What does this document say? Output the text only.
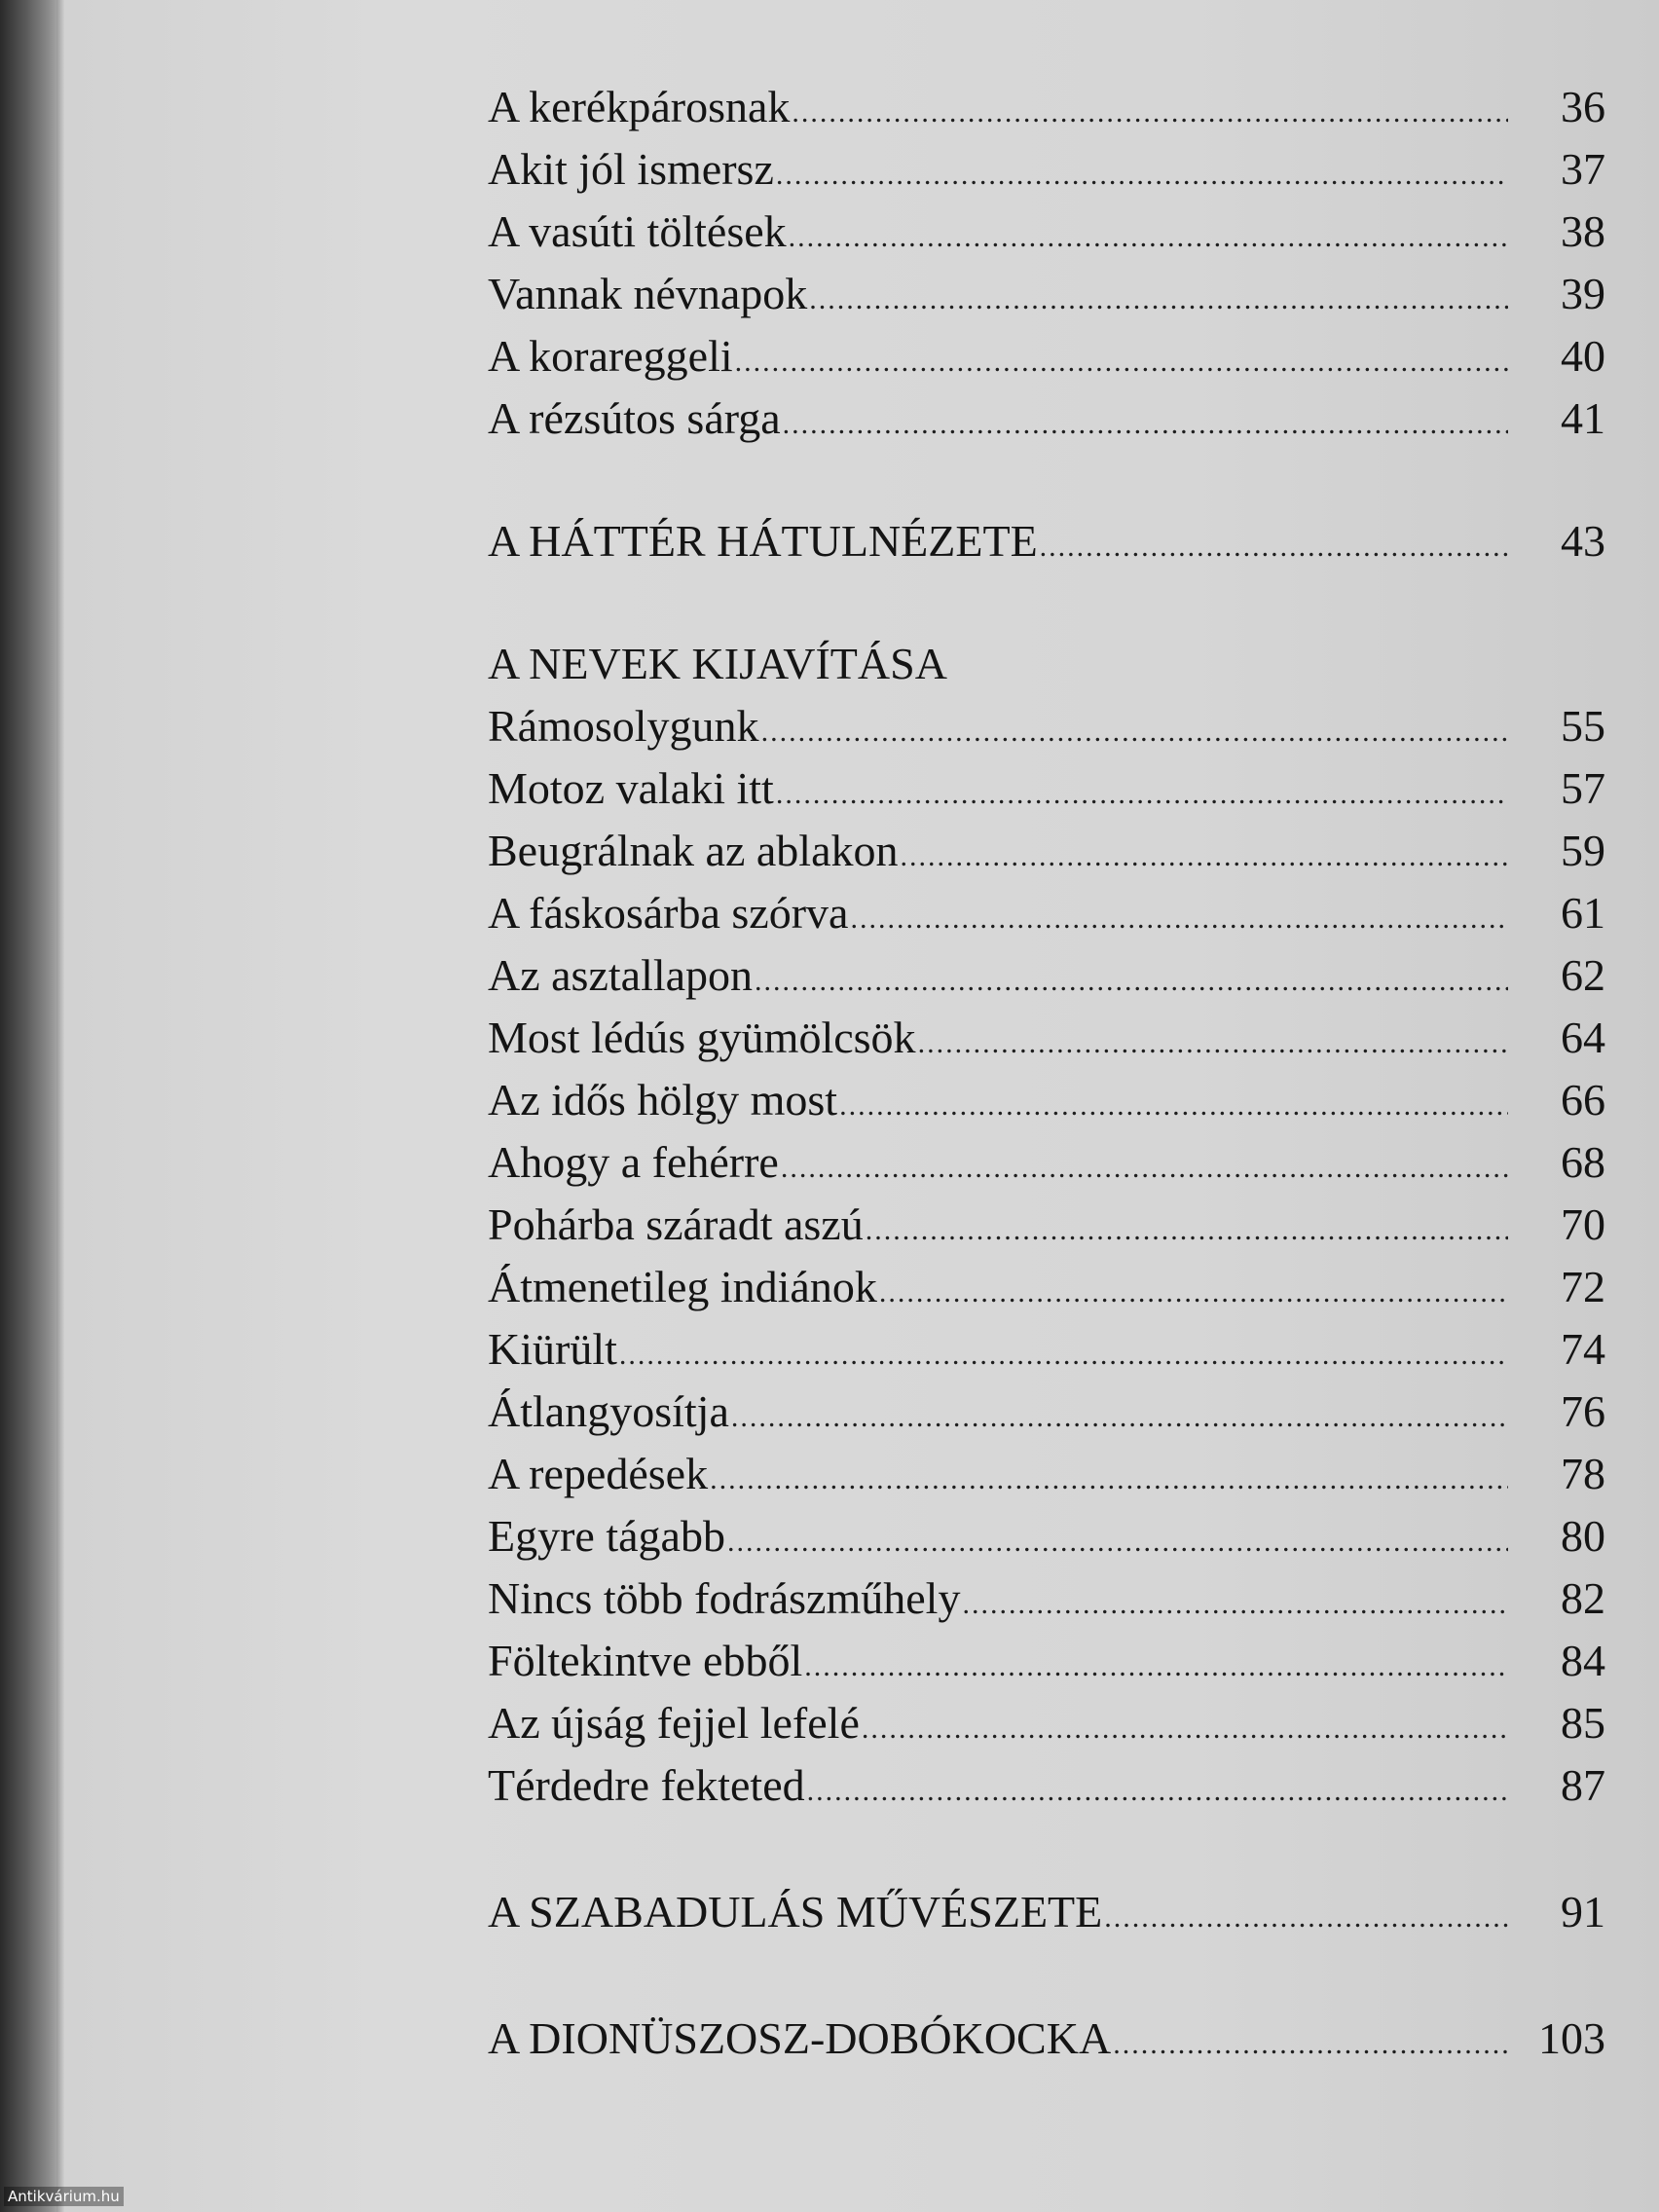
A kerékpárosnak .....	36
Akit jól ismersz .....	37
A vasúti töltések .....	38
Vannak névnapok .....	39
A korareggeli .....	40
A rézsútos sárga .....	41
A HÁTTÉR HÁTULNÉZETE .....	43
A NEVEK KIJAVÍTÁSA
Rámosolygunk .....	55
Motoz valaki itt .....	57
Beugrálnak az ablakon .....	59
A fáskosárba szórva .....	61
Az asztallapon .....	62
Most lédús gyümölcsök .....	64
Az idős hölgy most .....	66
Ahogy a fehérre .....	68
Pohárba száradt aszú .....	70
Átmenetileg indiánok .....	72
Kiürült .....	74
Átlangyosítja .....	76
A repedések .....	78
Egyre tágabb .....	80
Nincs több fodrászműhely .....	82
Föltekintve ebből .....	84
Az újság fejjel lefelé .....	85
Térdedre fekteted .....	87
A SZABADULÁS MŰVÉSZETE .....	91
A DIONÜSZOSZ-DOBÓKOCKA .....	103
Antikvárium.hu
